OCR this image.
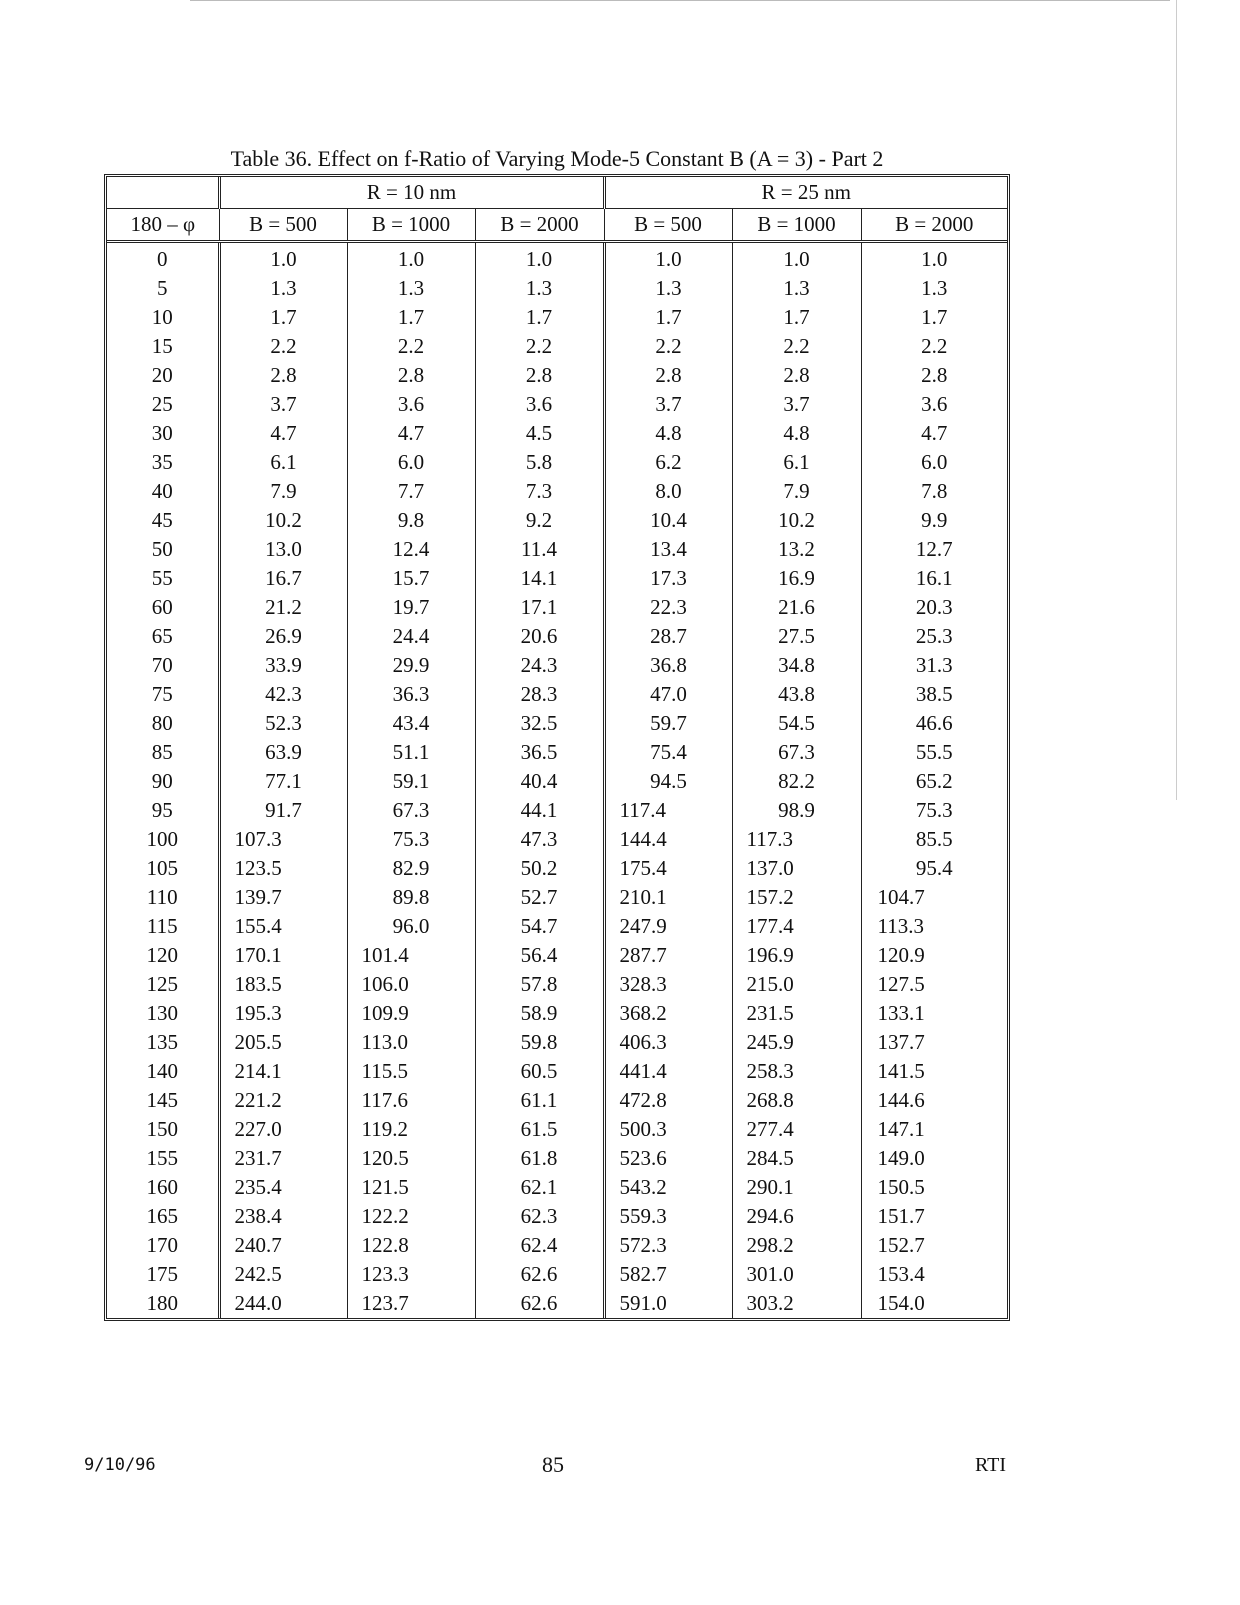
Table 36. Effect on f-Ratio of Varying Mode-5 Constant B (A = 3) - Part 2
	R = 10 nm			R = 25 nm		
180 – φ	B = 500	B = 1000	B = 2000	B = 500	B = 1000	B = 2000
0	1.0	1.0	1.0	1.0	1.0	1.0
5	1.3	1.3	1.3	1.3	1.3	1.3
10	1.7	1.7	1.7	1.7	1.7	1.7
15	2.2	2.2	2.2	2.2	2.2	2.2
20	2.8	2.8	2.8	2.8	2.8	2.8
25	3.7	3.6	3.6	3.7	3.7	3.6
30	4.7	4.7	4.5	4.8	4.8	4.7
35	6.1	6.0	5.8	6.2	6.1	6.0
40	7.9	7.7	7.3	8.0	7.9	7.8
45	10.2	9.8	9.2	10.4	10.2	9.9
50	13.0	12.4	11.4	13.4	13.2	12.7
55	16.7	15.7	14.1	17.3	16.9	16.1
60	21.2	19.7	17.1	22.3	21.6	20.3
65	26.9	24.4	20.6	28.7	27.5	25.3
70	33.9	29.9	24.3	36.8	34.8	31.3
75	42.3	36.3	28.3	47.0	43.8	38.5
80	52.3	43.4	32.5	59.7	54.5	46.6
85	63.9	51.1	36.5	75.4	67.3	55.5
90	77.1	59.1	40.4	94.5	82.2	65.2
95	91.7	67.3	44.1	117.4	98.9	75.3
100	107.3	75.3	47.3	144.4	117.3	85.5
105	123.5	82.9	50.2	175.4	137.0	95.4
110	139.7	89.8	52.7	210.1	157.2	104.7
115	155.4	96.0	54.7	247.9	177.4	113.3
120	170.1	101.4	56.4	287.7	196.9	120.9
125	183.5	106.0	57.8	328.3	215.0	127.5
130	195.3	109.9	58.9	368.2	231.5	133.1
135	205.5	113.0	59.8	406.3	245.9	137.7
140	214.1	115.5	60.5	441.4	258.3	141.5
145	221.2	117.6	61.1	472.8	268.8	144.6
150	227.0	119.2	61.5	500.3	277.4	147.1
155	231.7	120.5	61.8	523.6	284.5	149.0
160	235.4	121.5	62.1	543.2	290.1	150.5
165	238.4	122.2	62.3	559.3	294.6	151.7
170	240.7	122.8	62.4	572.3	298.2	152.7
175	242.5	123.3	62.6	582.7	301.0	153.4
180	244.0	123.7	62.6	591.0	303.2	154.0
9/10/96	85	RTI
